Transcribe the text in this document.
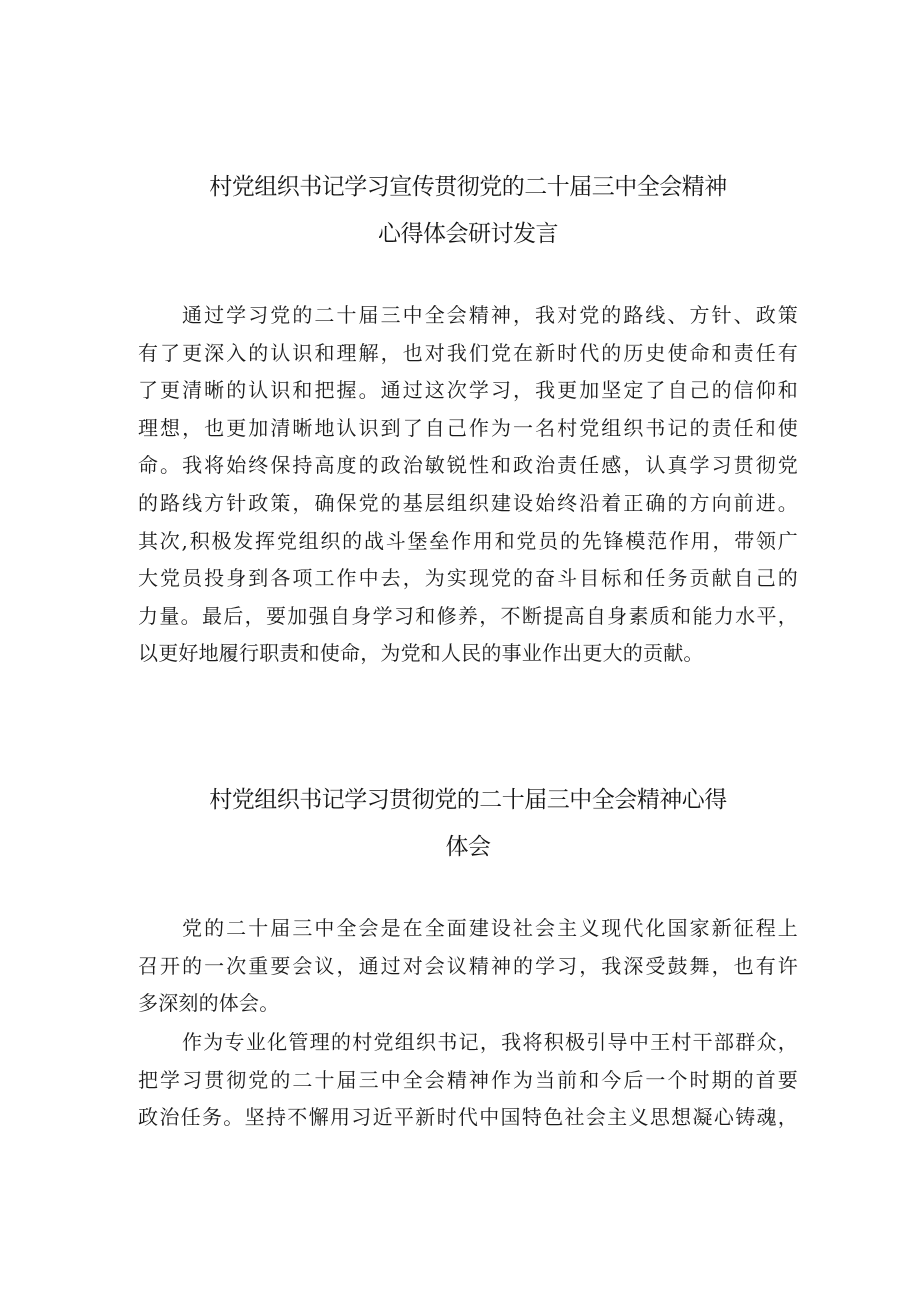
村党组织书记学习宣传贯彻党的二十届三中全会精神
心得体会研讨发言

通过学习党的二十届三中全会精神，我对党的路线、方针、政策
有了更深入的认识和理解，也对我们党在新时代的历史使命和责任有
了更清晰的认识和把握。通过这次学习，我更加坚定了自己的信仰和
理想，也更加清晰地认识到了自己作为一名村党组织书记的责任和使
命。我将始终保持高度的政治敏锐性和政治责任感，认真学习贯彻党
的路线方针政策，确保党的基层组织建设始终沿着正确的方向前进。
其次,积极发挥党组织的战斗堡垒作用和党员的先锋模范作用，带领广
大党员投身到各项工作中去，为实现党的奋斗目标和任务贡献自己的
力量。最后，要加强自身学习和修养，不断提高自身素质和能力水平，
以更好地履行职责和使命，为党和人民的事业作出更大的贡献。

村党组织书记学习贯彻党的二十届三中全会精神心得
体会

党的二十届三中全会是在全面建设社会主义现代化国家新征程上
召开的一次重要会议，通过对会议精神的学习，我深受鼓舞，也有许
多深刻的体会。

作为专业化管理的村党组织书记，我将积极引导中王村干部群众，
把学习贯彻党的二十届三中全会精神作为当前和今后一个时期的首要
政治任务。坚持不懈用习近平新时代中国特色社会主义思想凝心铸魂，
